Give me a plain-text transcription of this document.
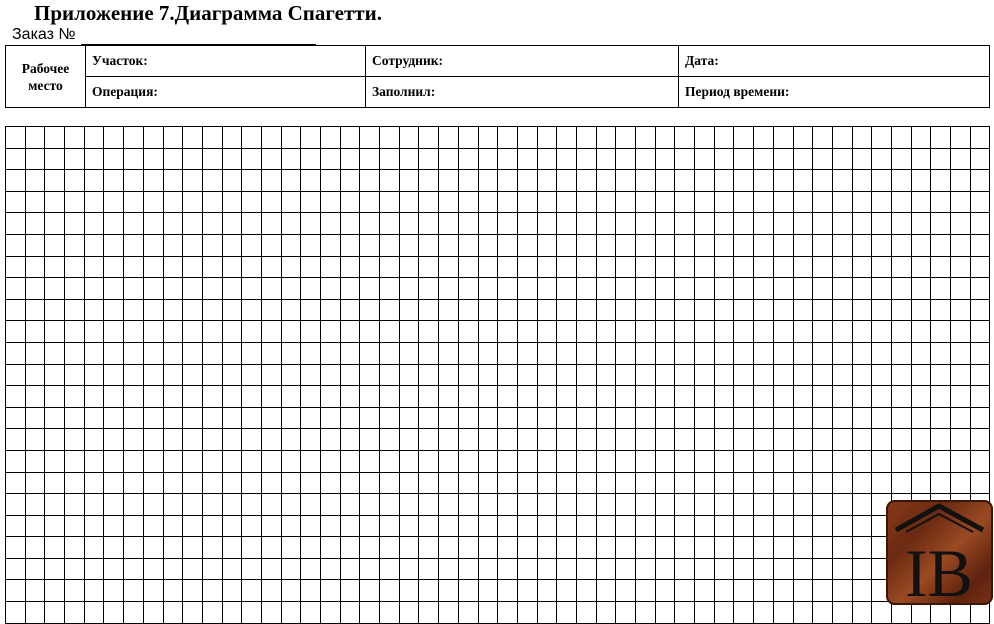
Приложение 7.Диаграмма Спагетти.
Заказ №
Рабочее место	Участок:	Сотрудник:	Дата:
	Операция:	Заполнил:	Период времени:

IB
